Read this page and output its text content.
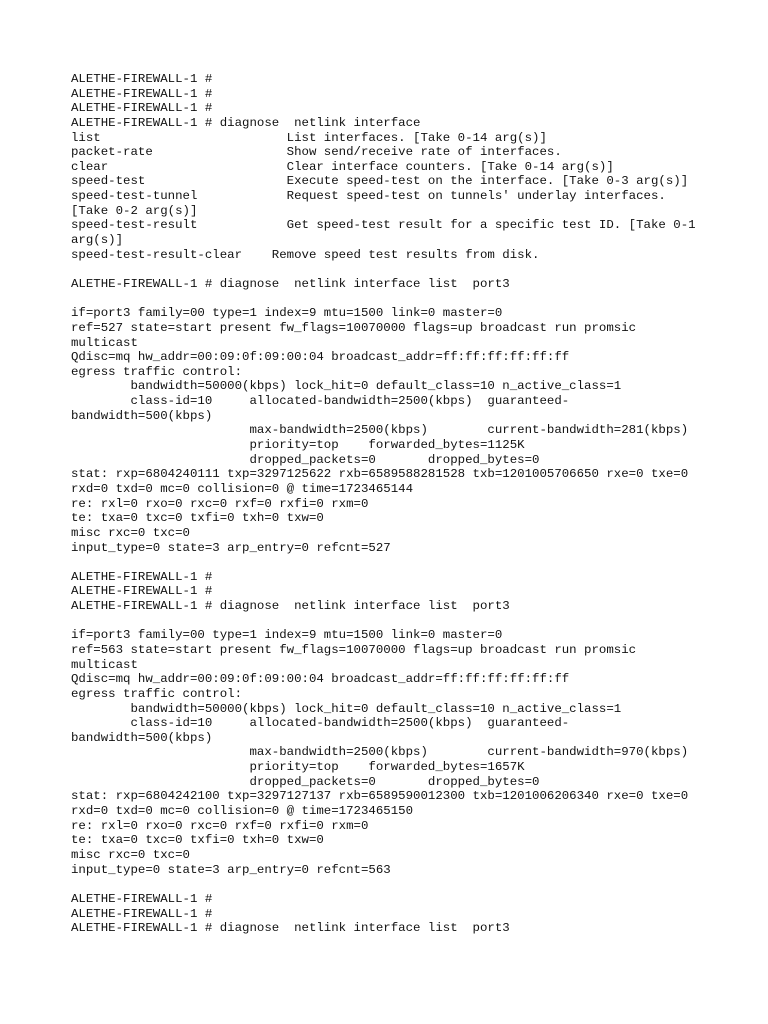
ALETHE-FIREWALL-1 #
ALETHE-FIREWALL-1 #
ALETHE-FIREWALL-1 #
ALETHE-FIREWALL-1 # diagnose  netlink interface
list                         List interfaces. [Take 0-14 arg(s)]
packet-rate                  Show send/receive rate of interfaces.
clear                        Clear interface counters. [Take 0-14 arg(s)]
speed-test                   Execute speed-test on the interface. [Take 0-3 arg(s)]
speed-test-tunnel            Request speed-test on tunnels' underlay interfaces.
[Take 0-2 arg(s)]
speed-test-result            Get speed-test result for a specific test ID. [Take 0-1
arg(s)]
speed-test-result-clear    Remove speed test results from disk.
ALETHE-FIREWALL-1 # diagnose  netlink interface list  port3
if=port3 family=00 type=1 index=9 mtu=1500 link=0 master=0
ref=527 state=start present fw_flags=10070000 flags=up broadcast run promsic
multicast
Qdisc=mq hw_addr=00:09:0f:09:00:04 broadcast_addr=ff:ff:ff:ff:ff:ff
egress traffic control:
bandwidth=50000(kbps) lock_hit=0 default_class=10 n_active_class=1
class-id=10     allocated-bandwidth=2500(kbps)  guaranteed-
bandwidth=500(kbps)
max-bandwidth=2500(kbps)        current-bandwidth=281(kbps)
priority=top    forwarded_bytes=1125K
dropped_packets=0       dropped_bytes=0
stat: rxp=6804240111 txp=3297125622 rxb=6589588281528 txb=1201005706650 rxe=0 txe=0
rxd=0 txd=0 mc=0 collision=0 @ time=1723465144
re: rxl=0 rxo=0 rxc=0 rxf=0 rxfi=0 rxm=0
te: txa=0 txc=0 txfi=0 txh=0 txw=0
misc rxc=0 txc=0
input_type=0 state=3 arp_entry=0 refcnt=527
ALETHE-FIREWALL-1 #
ALETHE-FIREWALL-1 #
ALETHE-FIREWALL-1 # diagnose  netlink interface list  port3
if=port3 family=00 type=1 index=9 mtu=1500 link=0 master=0
ref=563 state=start present fw_flags=10070000 flags=up broadcast run promsic
multicast
Qdisc=mq hw_addr=00:09:0f:09:00:04 broadcast_addr=ff:ff:ff:ff:ff:ff
egress traffic control:
bandwidth=50000(kbps) lock_hit=0 default_class=10 n_active_class=1
class-id=10     allocated-bandwidth=2500(kbps)  guaranteed-
bandwidth=500(kbps)
max-bandwidth=2500(kbps)        current-bandwidth=970(kbps)
priority=top    forwarded_bytes=1657K
dropped_packets=0       dropped_bytes=0
stat: rxp=6804242100 txp=3297127137 rxb=6589590012300 txb=1201006206340 rxe=0 txe=0
rxd=0 txd=0 mc=0 collision=0 @ time=1723465150
re: rxl=0 rxo=0 rxc=0 rxf=0 rxfi=0 rxm=0
te: txa=0 txc=0 txfi=0 txh=0 txw=0
misc rxc=0 txc=0
input_type=0 state=3 arp_entry=0 refcnt=563
ALETHE-FIREWALL-1 #
ALETHE-FIREWALL-1 #
ALETHE-FIREWALL-1 # diagnose  netlink interface list  port3
